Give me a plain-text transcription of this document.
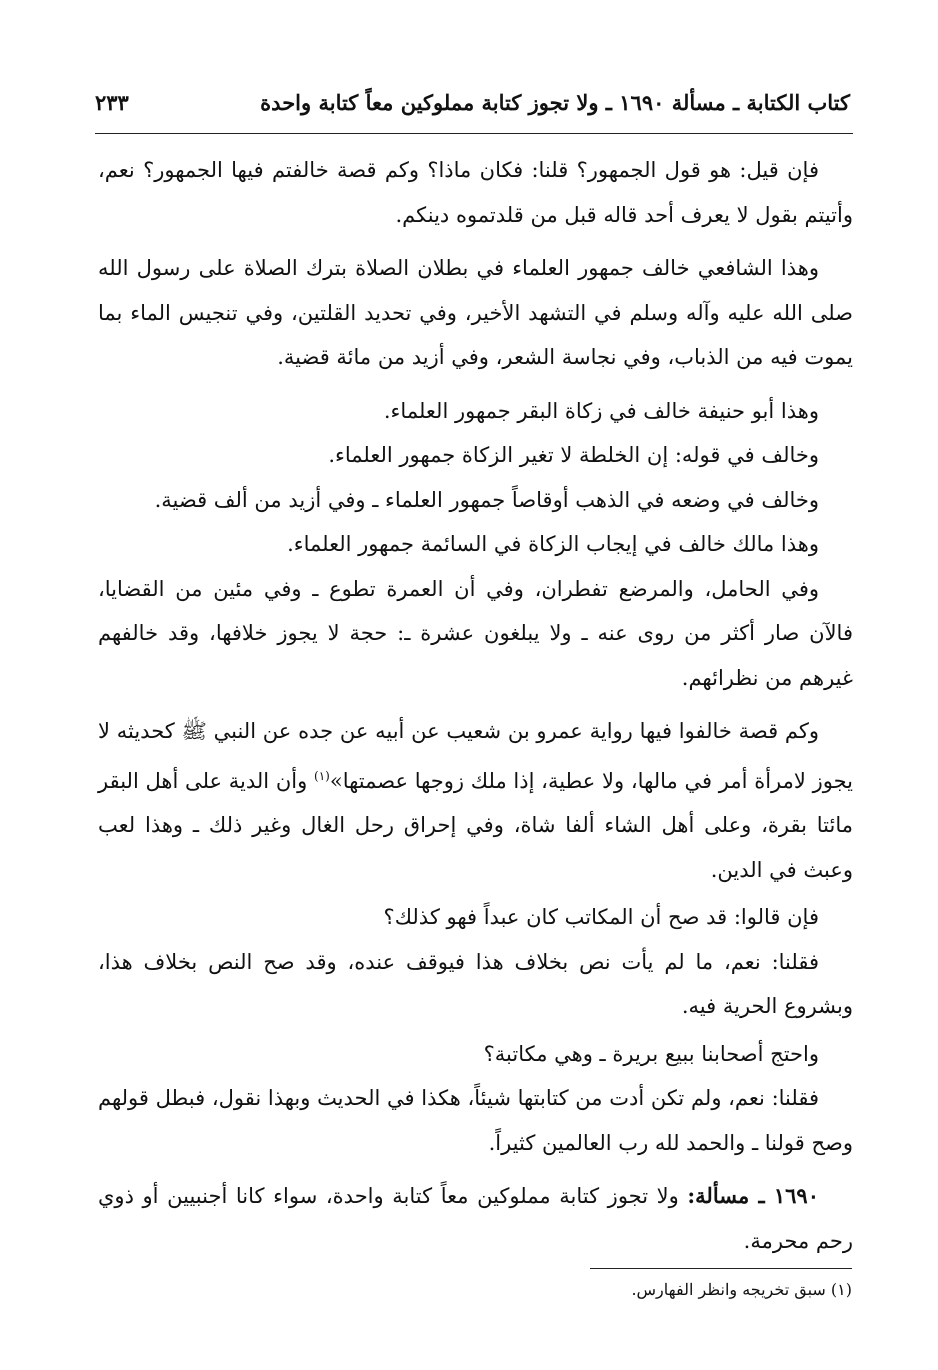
كتاب الكتابة ـ مسألة ١٦٩٠ ـ ولا تجوز كتابة مملوكين معاً كتابة واحدة
٢٣٣

فإن قيل: هو قول الجمهور؟ قلنا: فكان ماذا؟ وكم قصة خالفتم فيها الجمهور؟ نعم، وأتيتم بقول لا يعرف أحد قاله قبل من قلدتموه دينكم.

وهذا الشافعي خالف جمهور العلماء في بطلان الصلاة بترك الصلاة على رسول الله صلى الله عليه وآله وسلم في التشهد الأخير، وفي تحديد القلتين، وفي تنجيس الماء بما يموت فيه من الذباب، وفي نجاسة الشعر، وفي أزيد من مائة قضية.

وهذا أبو حنيفة خالف في زكاة البقر جمهور العلماء.

وخالف في قوله: إن الخلطة لا تغير الزكاة جمهور العلماء.

وخالف في وضعه في الذهب أوقاصاً جمهور العلماء ـ وفي أزيد من ألف قضية.

وهذا مالك خالف في إيجاب الزكاة في السائمة جمهور العلماء.

وفي الحامل، والمرضع تفطران، وفي أن العمرة تطوع ـ وفي مئين من القضايا، فالآن صار أكثر من روى عنه ـ ولا يبلغون عشرة ـ: حجة لا يجوز خلافها، وقد خالفهم غيرهم من نظرائهم.

وكم قصة خالفوا فيها رواية عمرو بن شعيب عن أبيه عن جده عن النبي ﷺ كحديثه لا يجوز لامرأة أمر في مالها، ولا عطية، إذا ملك زوجها عصمتها»$^{(١)}$ وأن الدية على أهل البقر مائتا بقرة، وعلى أهل الشاء ألفا شاة، وفي إحراق رحل الغال وغير ذلك ـ وهذا لعب وعبث في الدين.

فإن قالوا: قد صح أن المكاتب كان عبداً فهو كذلك؟

فقلنا: نعم، ما لم يأت نص بخلاف هذا فيوقف عنده، وقد صح النص بخلاف هذا، وبشروع الحرية فيه.

واحتج أصحابنا ببيع بريرة ـ وهي مكاتبة؟

فقلنا: نعم، ولم تكن أدت من كتابتها شيئاً، هكذا في الحديث وبهذا نقول، فبطل قولهم وصح قولنا ـ والحمد لله رب العالمين كثيراً.

١٦٩٠ ـ مسألة: ولا تجوز كتابة مملوكين معاً كتابة واحدة، سواء كانا أجنبيين أو ذوي رحم محرمة.

(١) سبق تخريجه وانظر الفهارس.
